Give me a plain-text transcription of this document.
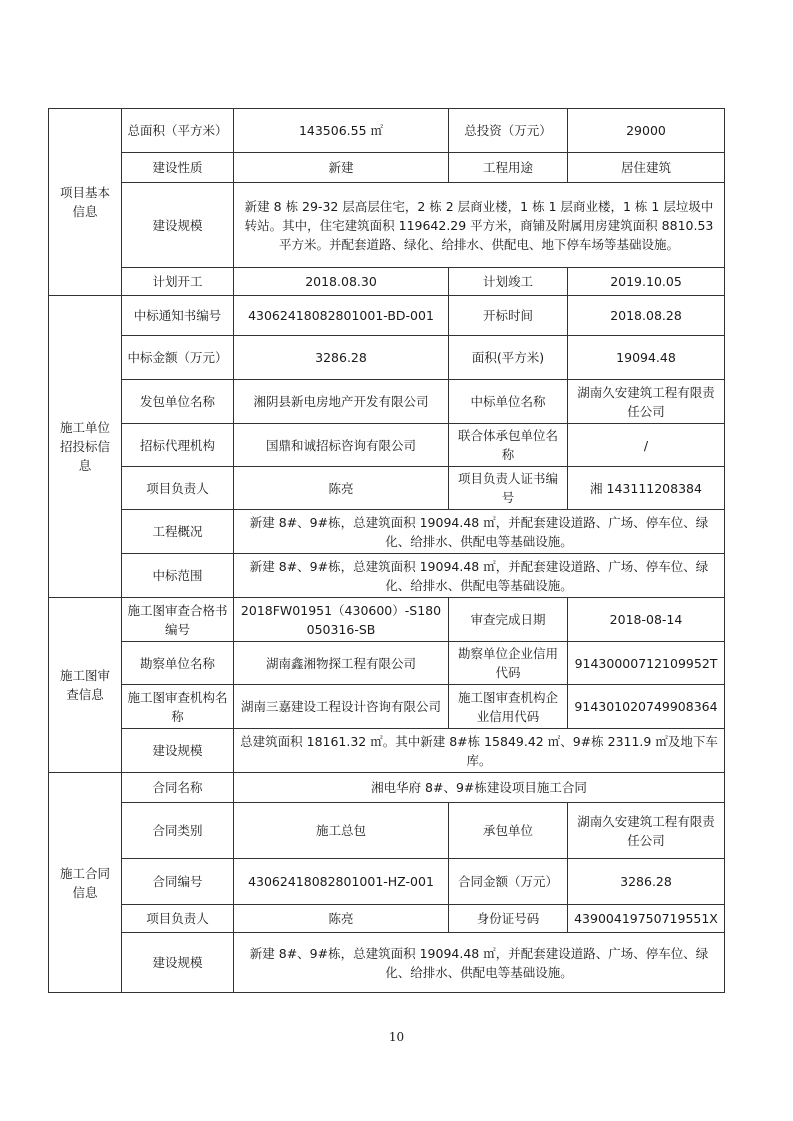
项目基本信息	总面积（平方米）	143506.55 ㎡	总投资（万元）	29000
	建设性质	新建	工程用途	居住建筑
	建设规模	新建 8 栋 29-32 层高层住宅，2 栋 2 层商业楼，1 栋 1 层商业楼，1 栋 1 层垃圾中转站。其中，住宅建筑面积 119642.29 平方米，商铺及附属用房建筑面积 8810.53 平方米。并配套道路、绿化、给排水、供配电、地下停车场等基础设施。		
	计划开工	2018.08.30	计划竣工	2019.10.05
施工单位招投标信息	中标通知书编号	43062418082801001-BD-001	开标时间	2018.08.28
	中标金额（万元）	3286.28	面积(平方米)	19094.48
	发包单位名称	湘阴县新电房地产开发有限公司	中标单位名称	湖南久安建筑工程有限责任公司
	招标代理机构	国鼎和诚招标咨询有限公司	联合体承包单位名称	/
	项目负责人	陈亮	项目负责人证书编号	湘 143111208384
	工程概况	新建 8#、9#栋，总建筑面积 19094.48 ㎡，并配套建设道路、广场、停车位、绿化、给排水、供配电等基础设施。		
	中标范围	新建 8#、9#栋，总建筑面积 19094.48 ㎡，并配套建设道路、广场、停车位、绿化、给排水、供配电等基础设施。		
施工图审查信息	施工图审查合格书编号	2018FW01951（430600）-S180050316-SB	审查完成日期	2018-08-14
	勘察单位名称	湖南鑫湘物探工程有限公司	勘察单位企业信用代码	91430000712109952T
	施工图审查机构名称	湖南三嘉建设工程设计咨询有限公司	施工图审查机构企业信用代码	914301020749908364
	建设规模	总建筑面积 18161.32 ㎡。其中新建 8#栋 15849.42 ㎡、9#栋 2311.9 ㎡及地下车库。		
施工合同信息	合同名称	湘电华府 8#、9#栋建设项目施工合同		
	合同类别	施工总包	承包单位	湖南久安建筑工程有限责任公司
	合同编号	43062418082801001-HZ-001	合同金额（万元）	3286.28
	项目负责人	陈亮	身份证号码	43900419750719551X
	建设规模	新建 8#、9#栋，总建筑面积 19094.48 ㎡，并配套建设道路、广场、停车位、绿化、给排水、供配电等基础设施。		
10
